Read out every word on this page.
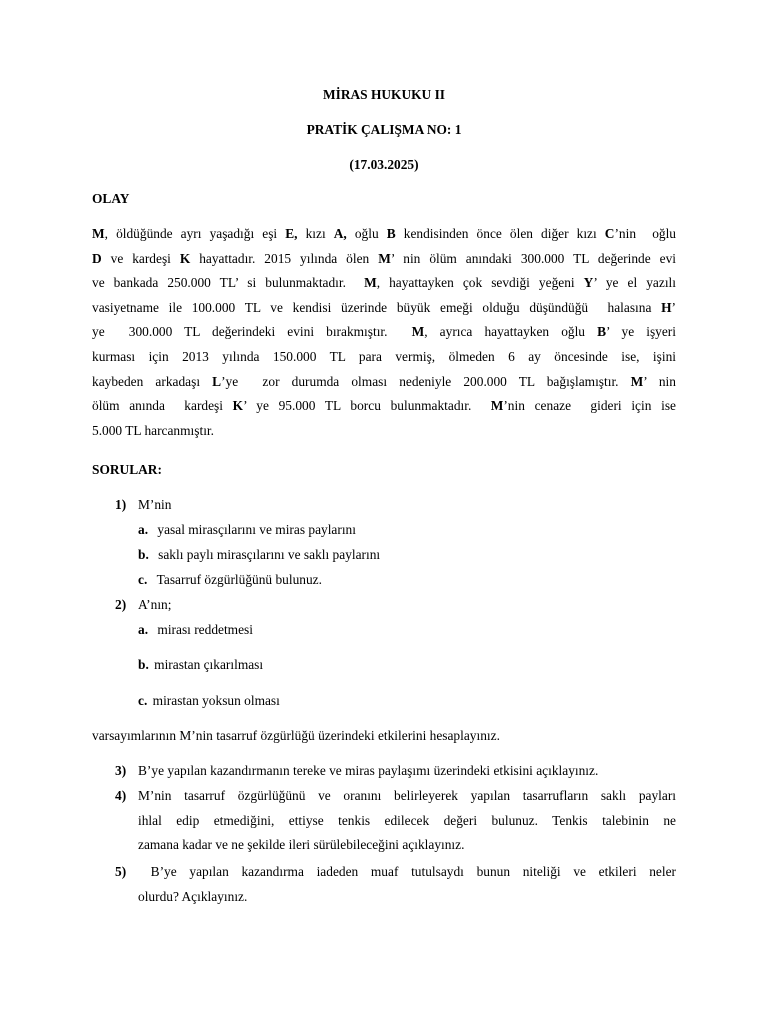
MİRAS HUKUKU II
PRATİK ÇALIŞMA NO: 1
(17.03.2025)
OLAY
M, öldüğünde ayrı yaşadığı eşi E, kızı A, oğlu B kendisinden önce ölen diğer kızı C’nin  oğlu
D ve kardeşi K hayattadır. 2015 yılında ölen M’ nin ölüm anındaki 300.000 TL değerinde evi
ve bankada 250.000 TL’ si bulunmaktadır.  M, hayattayken çok sevdiği yeğeni Y’ ye el yazılı
vasiyetname ile 100.000 TL ve kendisi üzerinde büyük emeği olduğu düşündüğü  halasına H’
ye  300.000 TL değerindeki evini bırakmıştır.  M, ayrıca hayattayken oğlu B’ ye işyeri
kurması için 2013 yılında 150.000 TL para vermiş, ölmeden 6 ay öncesinde ise, işini
kaybeden arkadaşı L’ye  zor durumda olması nedeniyle 200.000 TL bağışlamıştır. M’ nin
ölüm anında  kardeşi K’ ye 95.000 TL borcu bulunmaktadır.  M’nin cenaze  gideri için ise
5.000 TL harcanmıştır.
SORULAR:
1) M’nin
a. yasal mirasçılarını ve miras paylarını
b. saklı paylı mirasçılarını ve saklı paylarını
c. Tasarruf özgürlüğünü bulunuz.
2) A’nın;
a. mirası reddetmesi
b. mirastan çıkarılması
c. mirastan yoksun olması
varsayımlarının M’nin tasarruf özgürlüğü üzerindeki etkilerini hesaplayınız.
3) B’ye yapılan kazandırmanın tereke ve miras paylaşımı üzerindeki etkisini açıklayınız.
4) M’nin tasarruf özgürlüğünü ve oranını belirleyerek yapılan tasarrufların saklı payları
ihlal edip etmediğini, ettiyse tenkis edilecek değeri bulunuz. Tenkis talebinin ne
zamana kadar ve ne şekilde ileri sürülebileceğini açıklayınız.
5) B’ye yapılan kazandırma iadeden muaf tutulsaydı bunun niteliği ve etkileri neler
olurdu? Açıklayınız.
